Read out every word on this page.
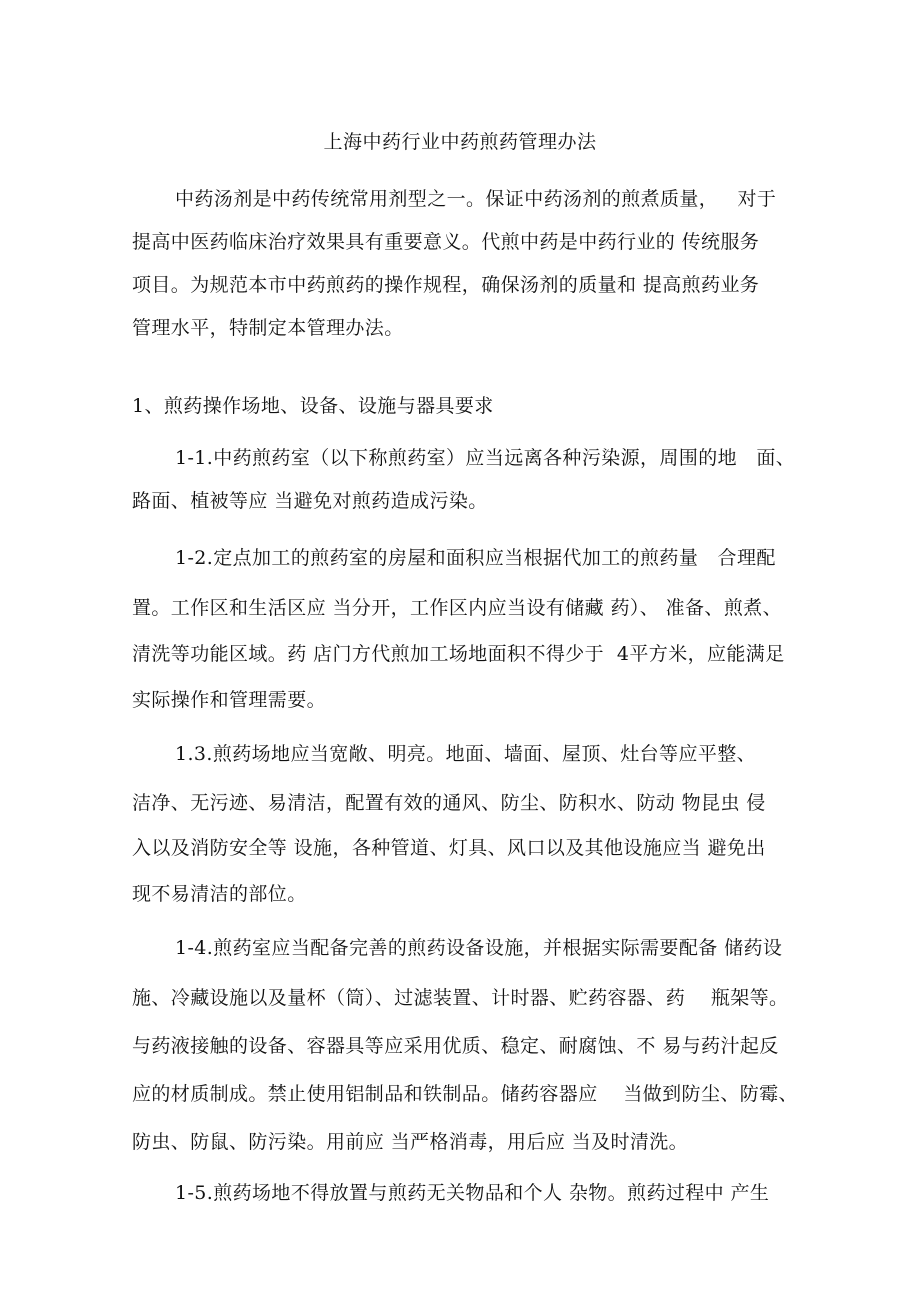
上海中药行业中药煎药管理办法
中药汤剂是中药传统常用剂型之一。保证中药汤剂的煎煮质量，   对于
提高中医药临床治疗效果具有重要意义。代煎中药是中药行业的 传统服务
项目。为规范本市中药煎药的操作规程，确保汤剂的质量和 提高煎药业务
管理水平，特制定本管理办法。
1、煎药操作场地、设备、设施与器具要求
1-1.中药煎药室（以下称煎药室）应当远离各种污染源，周围的地   面、
路面、植被等应 当避免对煎药造成污染。
1-2.定点加工的煎药室的房屋和面积应当根据代加工的煎药量   合理配
置。工作区和生活区应 当分开，工作区内应当设有储藏 药）、 准备、煎煮、
清洗等功能区域。药 店门方代煎加工场地面积不得少于  4平方米，应能满足
实际操作和管理需要。
1.3.煎药场地应当宽敞、明亮。地面、墙面、屋顶、灶台等应平整、
洁净、无污迹、易清洁，配置有效的通风、防尘、防积水、防动 物昆虫 侵
入以及消防安全等 设施，各种管道、灯具、风口以及其他设施应当 避免出
现不易清洁的部位。
1-4.煎药室应当配备完善的煎药设备设施，并根据实际需要配备 储药设
施、冷藏设施以及量杯（筒）、过滤装置、计时器、贮药容器、药    瓶架等。
与药液接触的设备、容器具等应采用优质、稳定、耐腐蚀、不 易与药汁起反
应的材质制成。禁止使用铝制品和铁制品。储药容器应    当做到防尘、防霉、
防虫、防鼠、防污染。用前应 当严格消毒，用后应 当及时清洗。
1-5.煎药场地不得放置与煎药无关物品和个人 杂物。煎药过程中 产生
